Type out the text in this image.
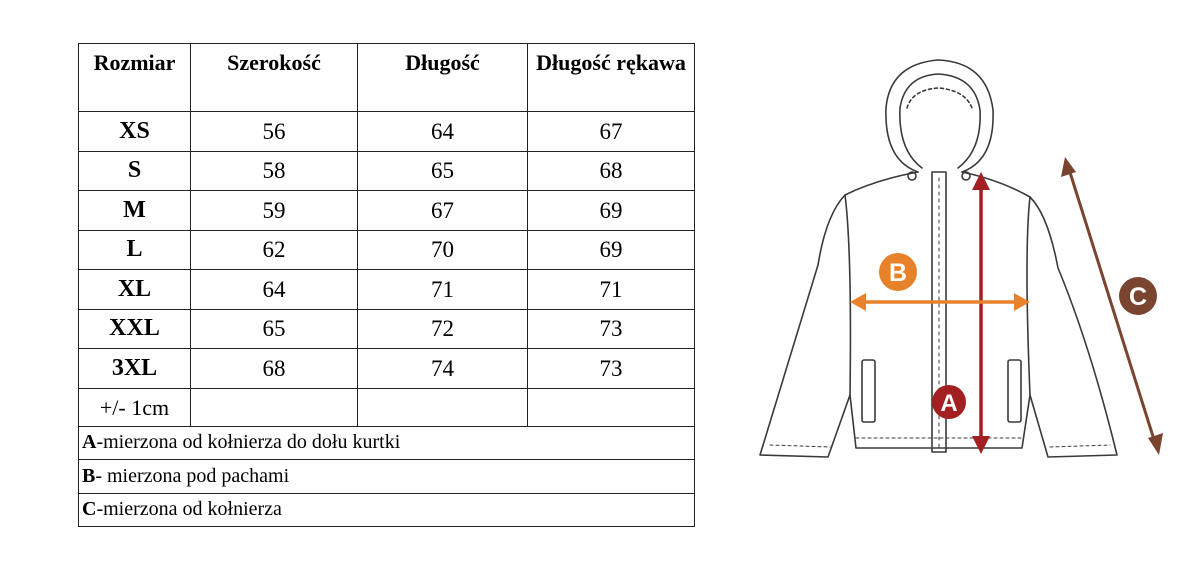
Rozmiar	Szerokość	Długość	Długość rękawa
XS	56	64	67
S	58	65	68
M	59	67	69
L	62	70	69
XL	64	71	71
XXL	65	72	73
3XL	68	74	73
+/- 1cm			
A-mierzona od kołnierza do dołu kurtki			
B- mierzona pod pachami			
C-mierzona od kołnierza			
A
B
C
